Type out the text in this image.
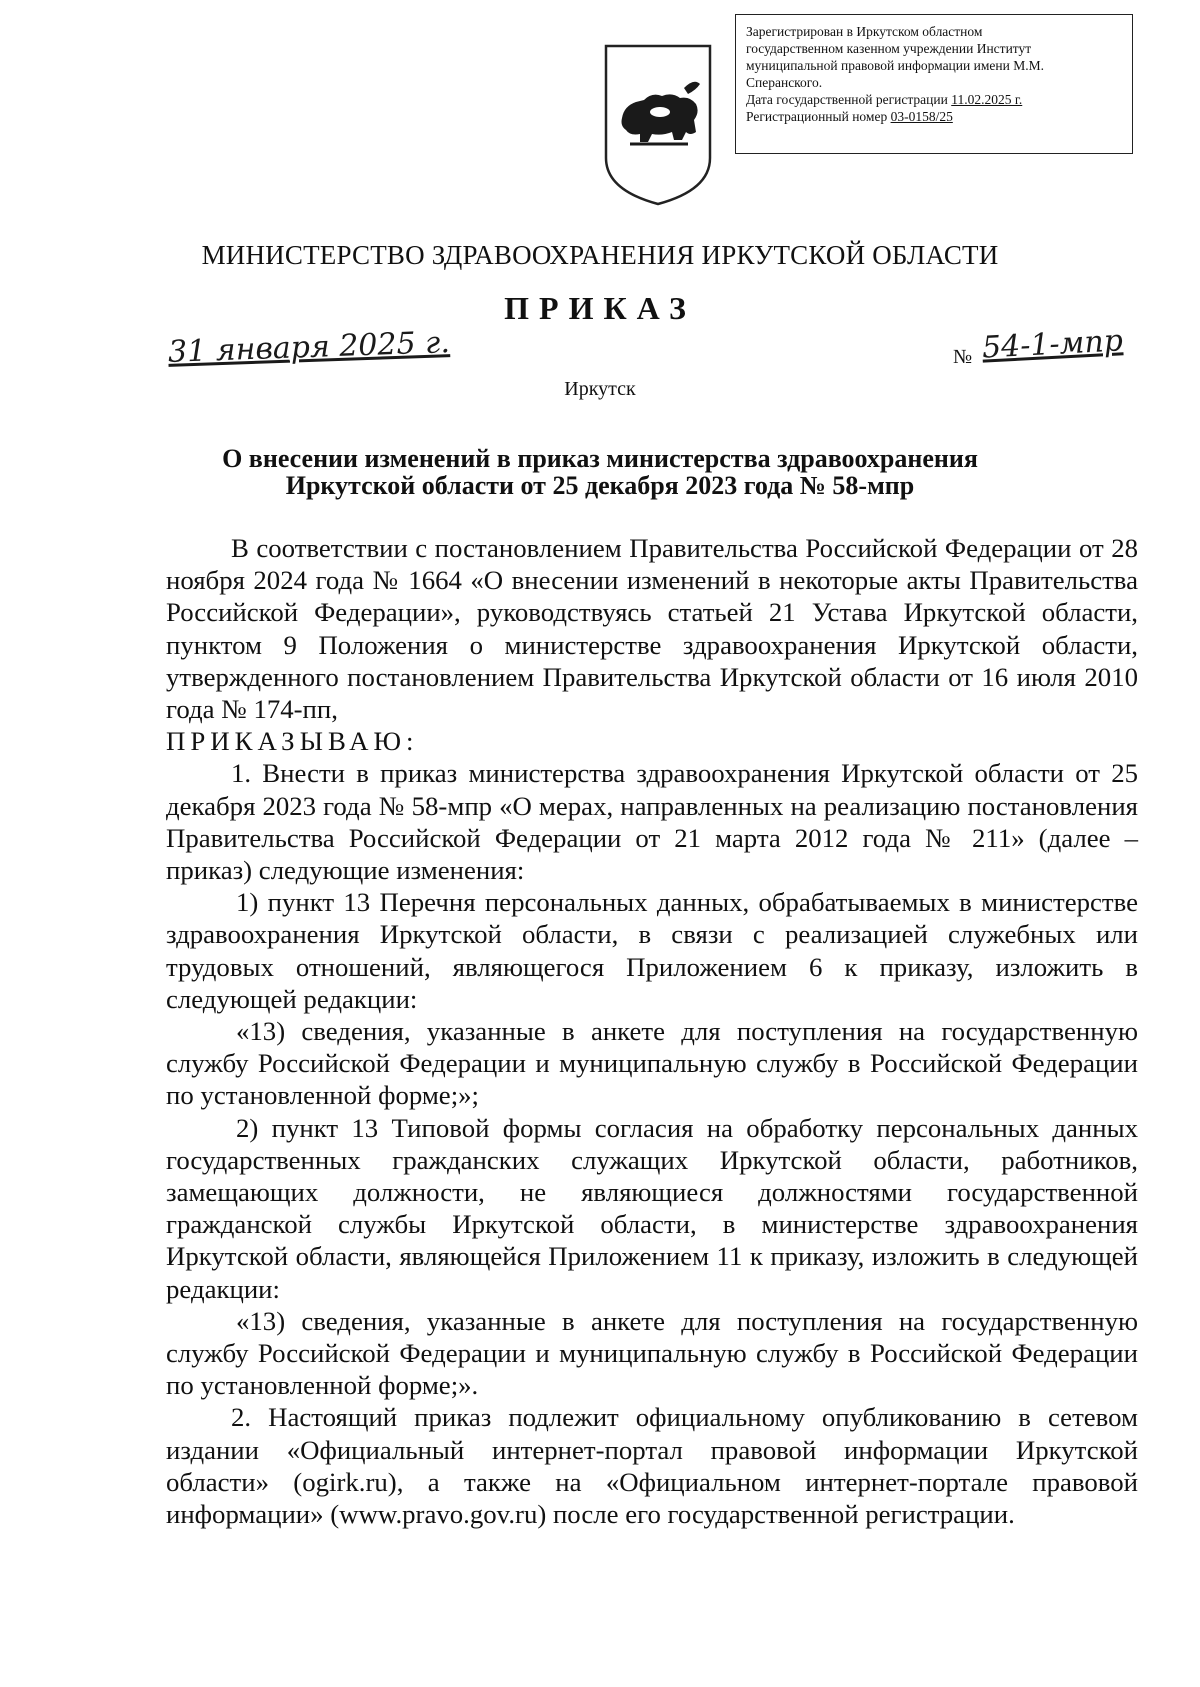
Зарегистрирован в Иркутском областном
государственном казенном учреждении Институт
муниципальной правовой информации имени М.М.
Сперанского.
Дата государственной регистрации 11.02.2025 г.
Регистрационный номер 03-0158/25
МИНИСТЕРСТВО ЗДРАВООХРАНЕНИЯ ИРКУТСКОЙ ОБЛАСТИ
ПРИКАЗ
31 января 2025 г.	№ 54-1-мпр
Иркутск
О внесении изменений в приказ министерства здравоохранения
Иркутской области от 25 декабря 2023 года № 58-мпр

В соответствии с постановлением Правительства Российской Федерации от 28 ноября 2024 года № 1664 «О внесении изменений в некоторые акты Правительства Российской Федерации», руководствуясь статьей 21 Устава Иркутской области, пунктом 9 Положения о министерстве здравоохранения Иркутской области, утвержденного постановлением Правительства Иркутской области от 16 июля 2010 года № 174-пп,

ПРИКАЗЫВАЮ:

1. Внести в приказ министерства здравоохранения Иркутской области от 25 декабря 2023 года № 58-мпр «О мерах, направленных на реализацию постановления Правительства Российской Федерации от 21 марта 2012 года № 211» (далее – приказ) следующие изменения:

1) пункт 13 Перечня персональных данных, обрабатываемых в министерстве здравоохранения Иркутской области, в связи с реализацией служебных или трудовых отношений, являющегося Приложением 6 к приказу, изложить в следующей редакции:

«13) сведения, указанные в анкете для поступления на государственную службу Российской Федерации и муниципальную службу в Российской Федерации по установленной форме;»;

2) пункт 13 Типовой формы согласия на обработку персональных данных государственных гражданских служащих Иркутской области, работников, замещающих должности, не являющиеся должностями государственной гражданской службы Иркутской области, в министерстве здравоохранения Иркутской области, являющейся Приложением 11 к приказу, изложить в следующей редакции:

«13) сведения, указанные в анкете для поступления на государственную службу Российской Федерации и муниципальную службу в Российской Федерации по установленной форме;».

2. Настоящий приказ подлежит официальному опубликованию в сетевом издании «Официальный интернет-портал правовой информации Иркутской области» (ogirk.ru), а также на «Официальном интернет-портале правовой информации» (www.pravo.gov.ru) после его государственной регистрации.
